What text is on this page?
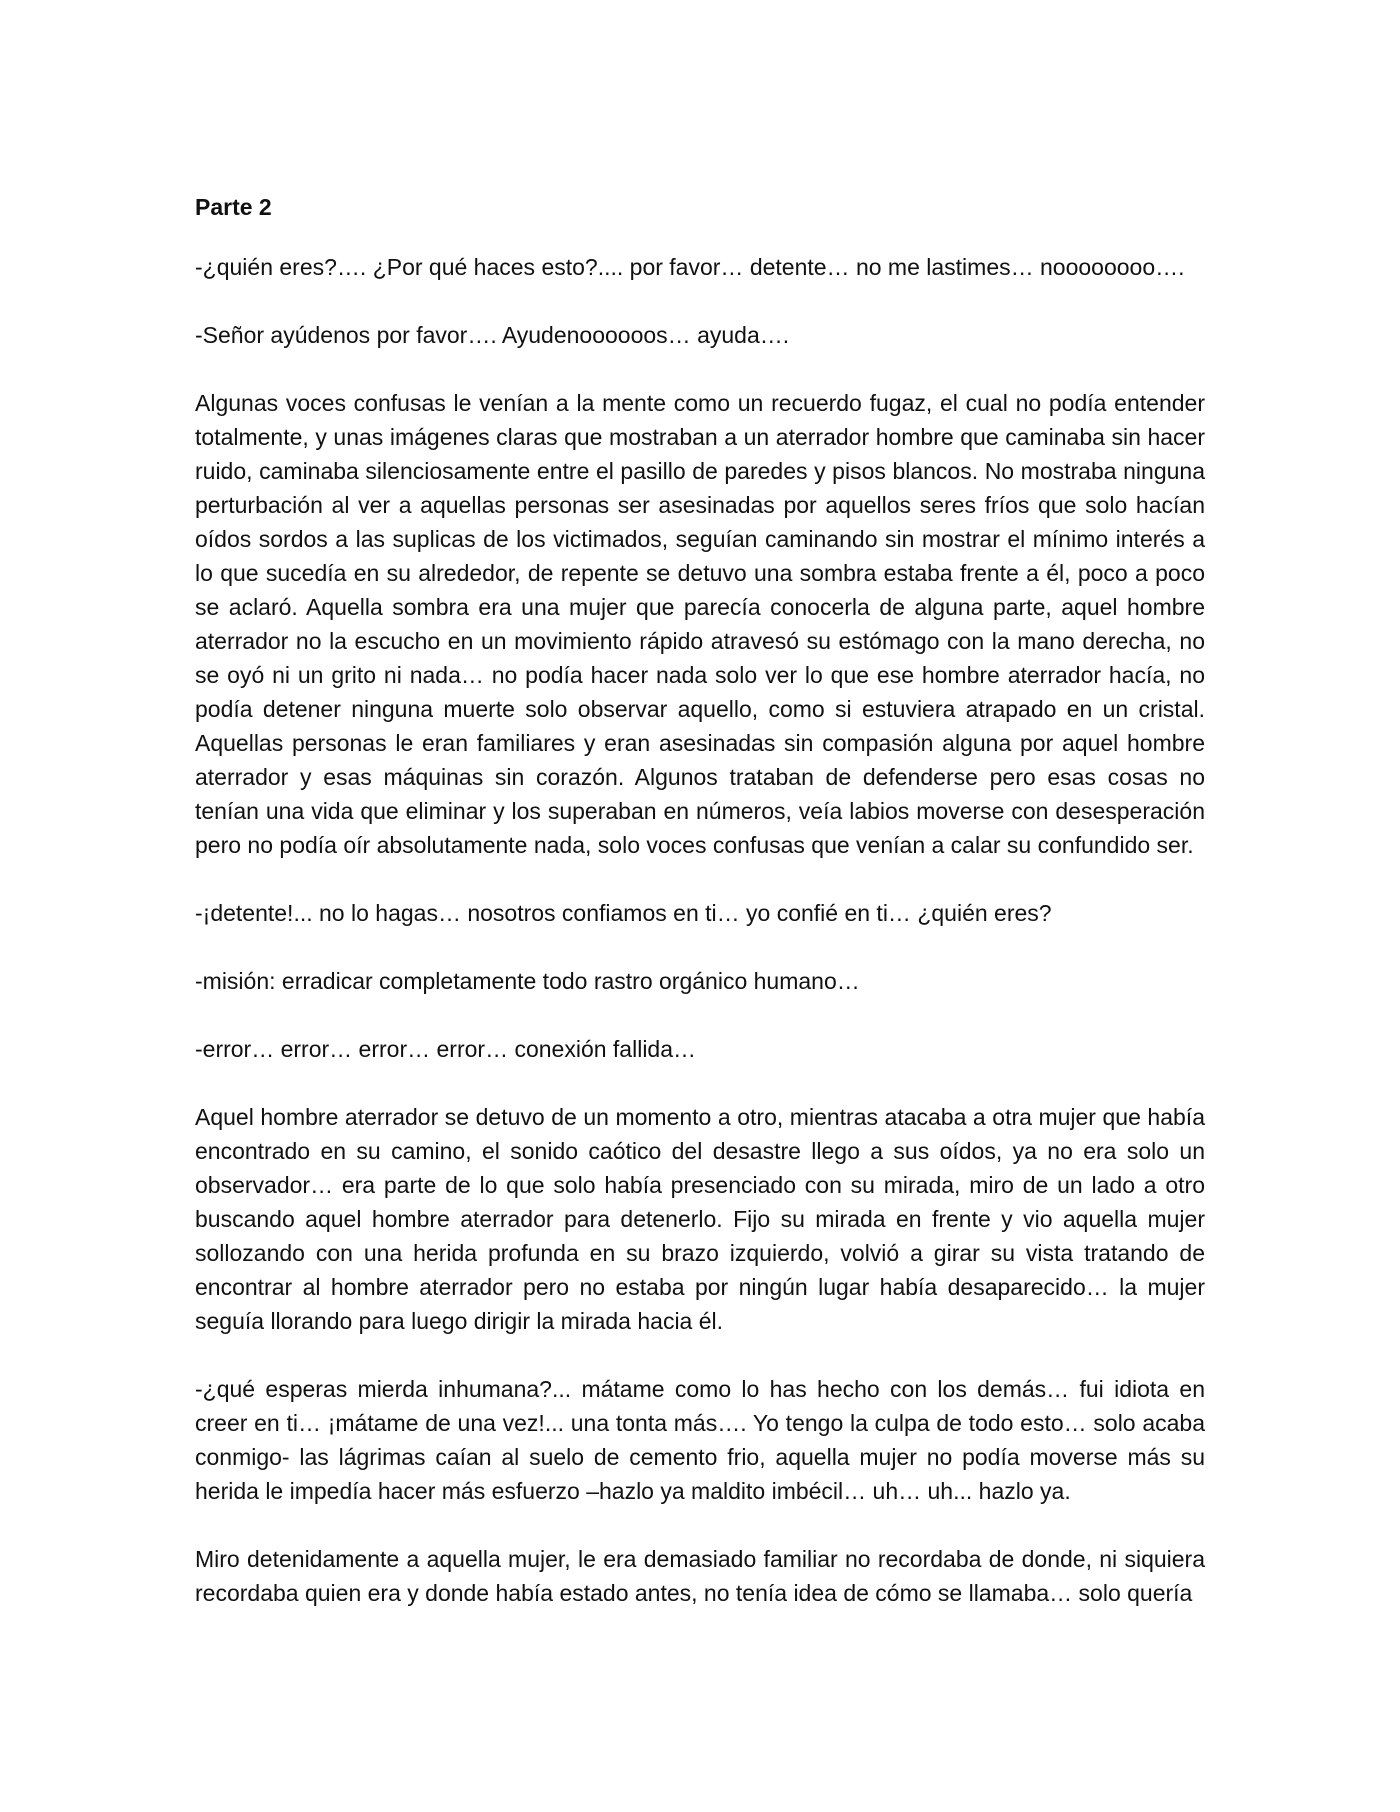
Parte 2
-¿quién eres?…. ¿Por qué haces esto?.... por favor… detente… no me lastimes… noooooooo….
-Señor ayúdenos por favor…. Ayudenoooooos… ayuda….
Algunas voces confusas le venían a la mente como un recuerdo fugaz, el cual no podía entender totalmente, y unas imágenes claras que mostraban a un aterrador hombre que caminaba sin hacer ruido, caminaba silenciosamente entre el pasillo de paredes y pisos blancos. No mostraba ninguna perturbación al ver a aquellas personas ser asesinadas por aquellos seres fríos que solo hacían oídos sordos a las suplicas de los victimados, seguían caminando sin mostrar el mínimo interés a lo que sucedía en su alrededor, de repente se detuvo una sombra estaba frente a él, poco a poco se aclaró. Aquella sombra era una mujer que parecía conocerla de alguna parte, aquel hombre aterrador no la escucho en un movimiento rápido atravesó su estómago con la mano derecha, no se oyó ni un grito ni nada… no podía hacer nada solo ver lo que ese hombre aterrador hacía, no podía detener ninguna muerte solo observar aquello, como si estuviera atrapado en un cristal. Aquellas personas le eran familiares y eran asesinadas sin compasión alguna por aquel hombre aterrador y esas máquinas sin corazón. Algunos trataban de defenderse pero esas cosas no tenían una vida que eliminar y los superaban en números, veía labios moverse con desesperación pero no podía oír absolutamente nada, solo voces confusas que venían a calar su confundido ser.
-¡detente!... no lo hagas… nosotros confiamos en ti… yo confié en ti… ¿quién eres?
-misión: erradicar completamente todo rastro orgánico humano…
-error… error… error… error… conexión fallida…
Aquel hombre aterrador se detuvo de un momento a otro, mientras atacaba a otra mujer que había encontrado en su camino, el sonido caótico del desastre llego a sus oídos, ya no era solo un observador… era parte de lo que solo había presenciado con su mirada, miro de un lado a otro buscando aquel hombre aterrador para detenerlo. Fijo su mirada en frente y vio aquella mujer sollozando con una herida profunda en su brazo izquierdo, volvió a girar su vista tratando de encontrar al hombre aterrador pero no estaba por ningún lugar había desaparecido… la mujer seguía llorando para luego dirigir la mirada hacia él.
-¿qué esperas mierda inhumana?... mátame como lo has hecho con los demás… fui idiota en creer en ti… ¡mátame de una vez!... una tonta más…. Yo tengo la culpa de todo esto… solo acaba conmigo- las lágrimas caían al suelo de cemento frio, aquella mujer no podía moverse más su herida le impedía hacer más esfuerzo –hazlo ya maldito imbécil… uh… uh... hazlo ya.
Miro detenidamente a aquella mujer, le era demasiado familiar no recordaba de donde, ni siquiera recordaba quien era y donde había estado antes, no tenía idea de cómo se llamaba… solo quería
